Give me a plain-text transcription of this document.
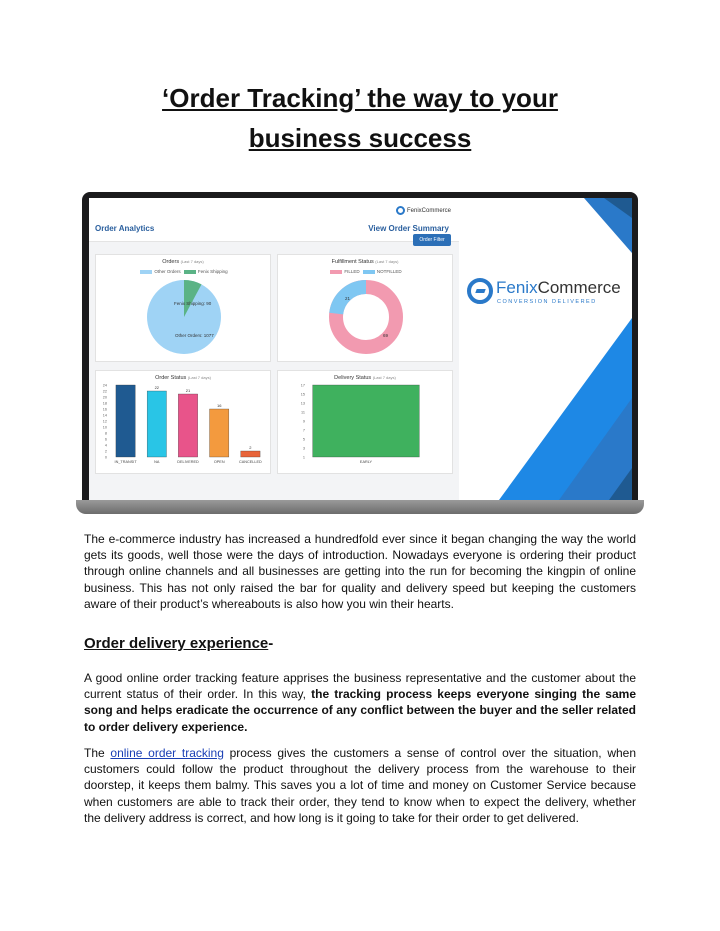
‘Order Tracking’ the way to your
business success
FenixCommerce
Order Analytics	View Order Summary
Order Filter
Orders (Last 7 days)
Other Orders	Fenix Shipping
Fenix Shipping: 90
Other Orders: 1077
Fulfillment Status (Last 7 days)
FILLED	NOTFILLED
21
69
Order Status (Last 7 days)
24
22
20
18
16
14
12
10
8
6
4
2
0
IN_TRANSIT
22
NA
21
DELIVERED
16
OPEN
2
CANCELLED
Delivery Status (Last 7 days)
17
15
13
11
9
7
5
3
1
EARLY
FenixCommerce
CONVERSION DELIVERED
The e-commerce industry has increased a hundredfold ever since it began changing the way the world gets its goods, well those were the days of introduction. Nowadays everyone is ordering their product through online channels and all businesses are getting into the run for becoming the kingpin of online business. This has not only raised the bar for quality and delivery speed but keeping the customers aware of their product’s whereabouts is also how you win their hearts.
Order delivery experience-
A good online order tracking feature apprises the business representative and the customer about the current status of their order. In this way, the tracking process keeps everyone singing the same song and helps eradicate the occurrence of any conflict between the buyer and the seller related to order delivery experience.
The online order tracking process gives the customers a sense of control over the situation, when customers could follow the product throughout the delivery process from the warehouse to their doorstep, it keeps them balmy. This saves you a lot of time and money on Customer Service because when customers are able to track their order, they tend to know when to expect the delivery, whether the delivery address is correct, and how long is it going to take for their order to get delivered.
